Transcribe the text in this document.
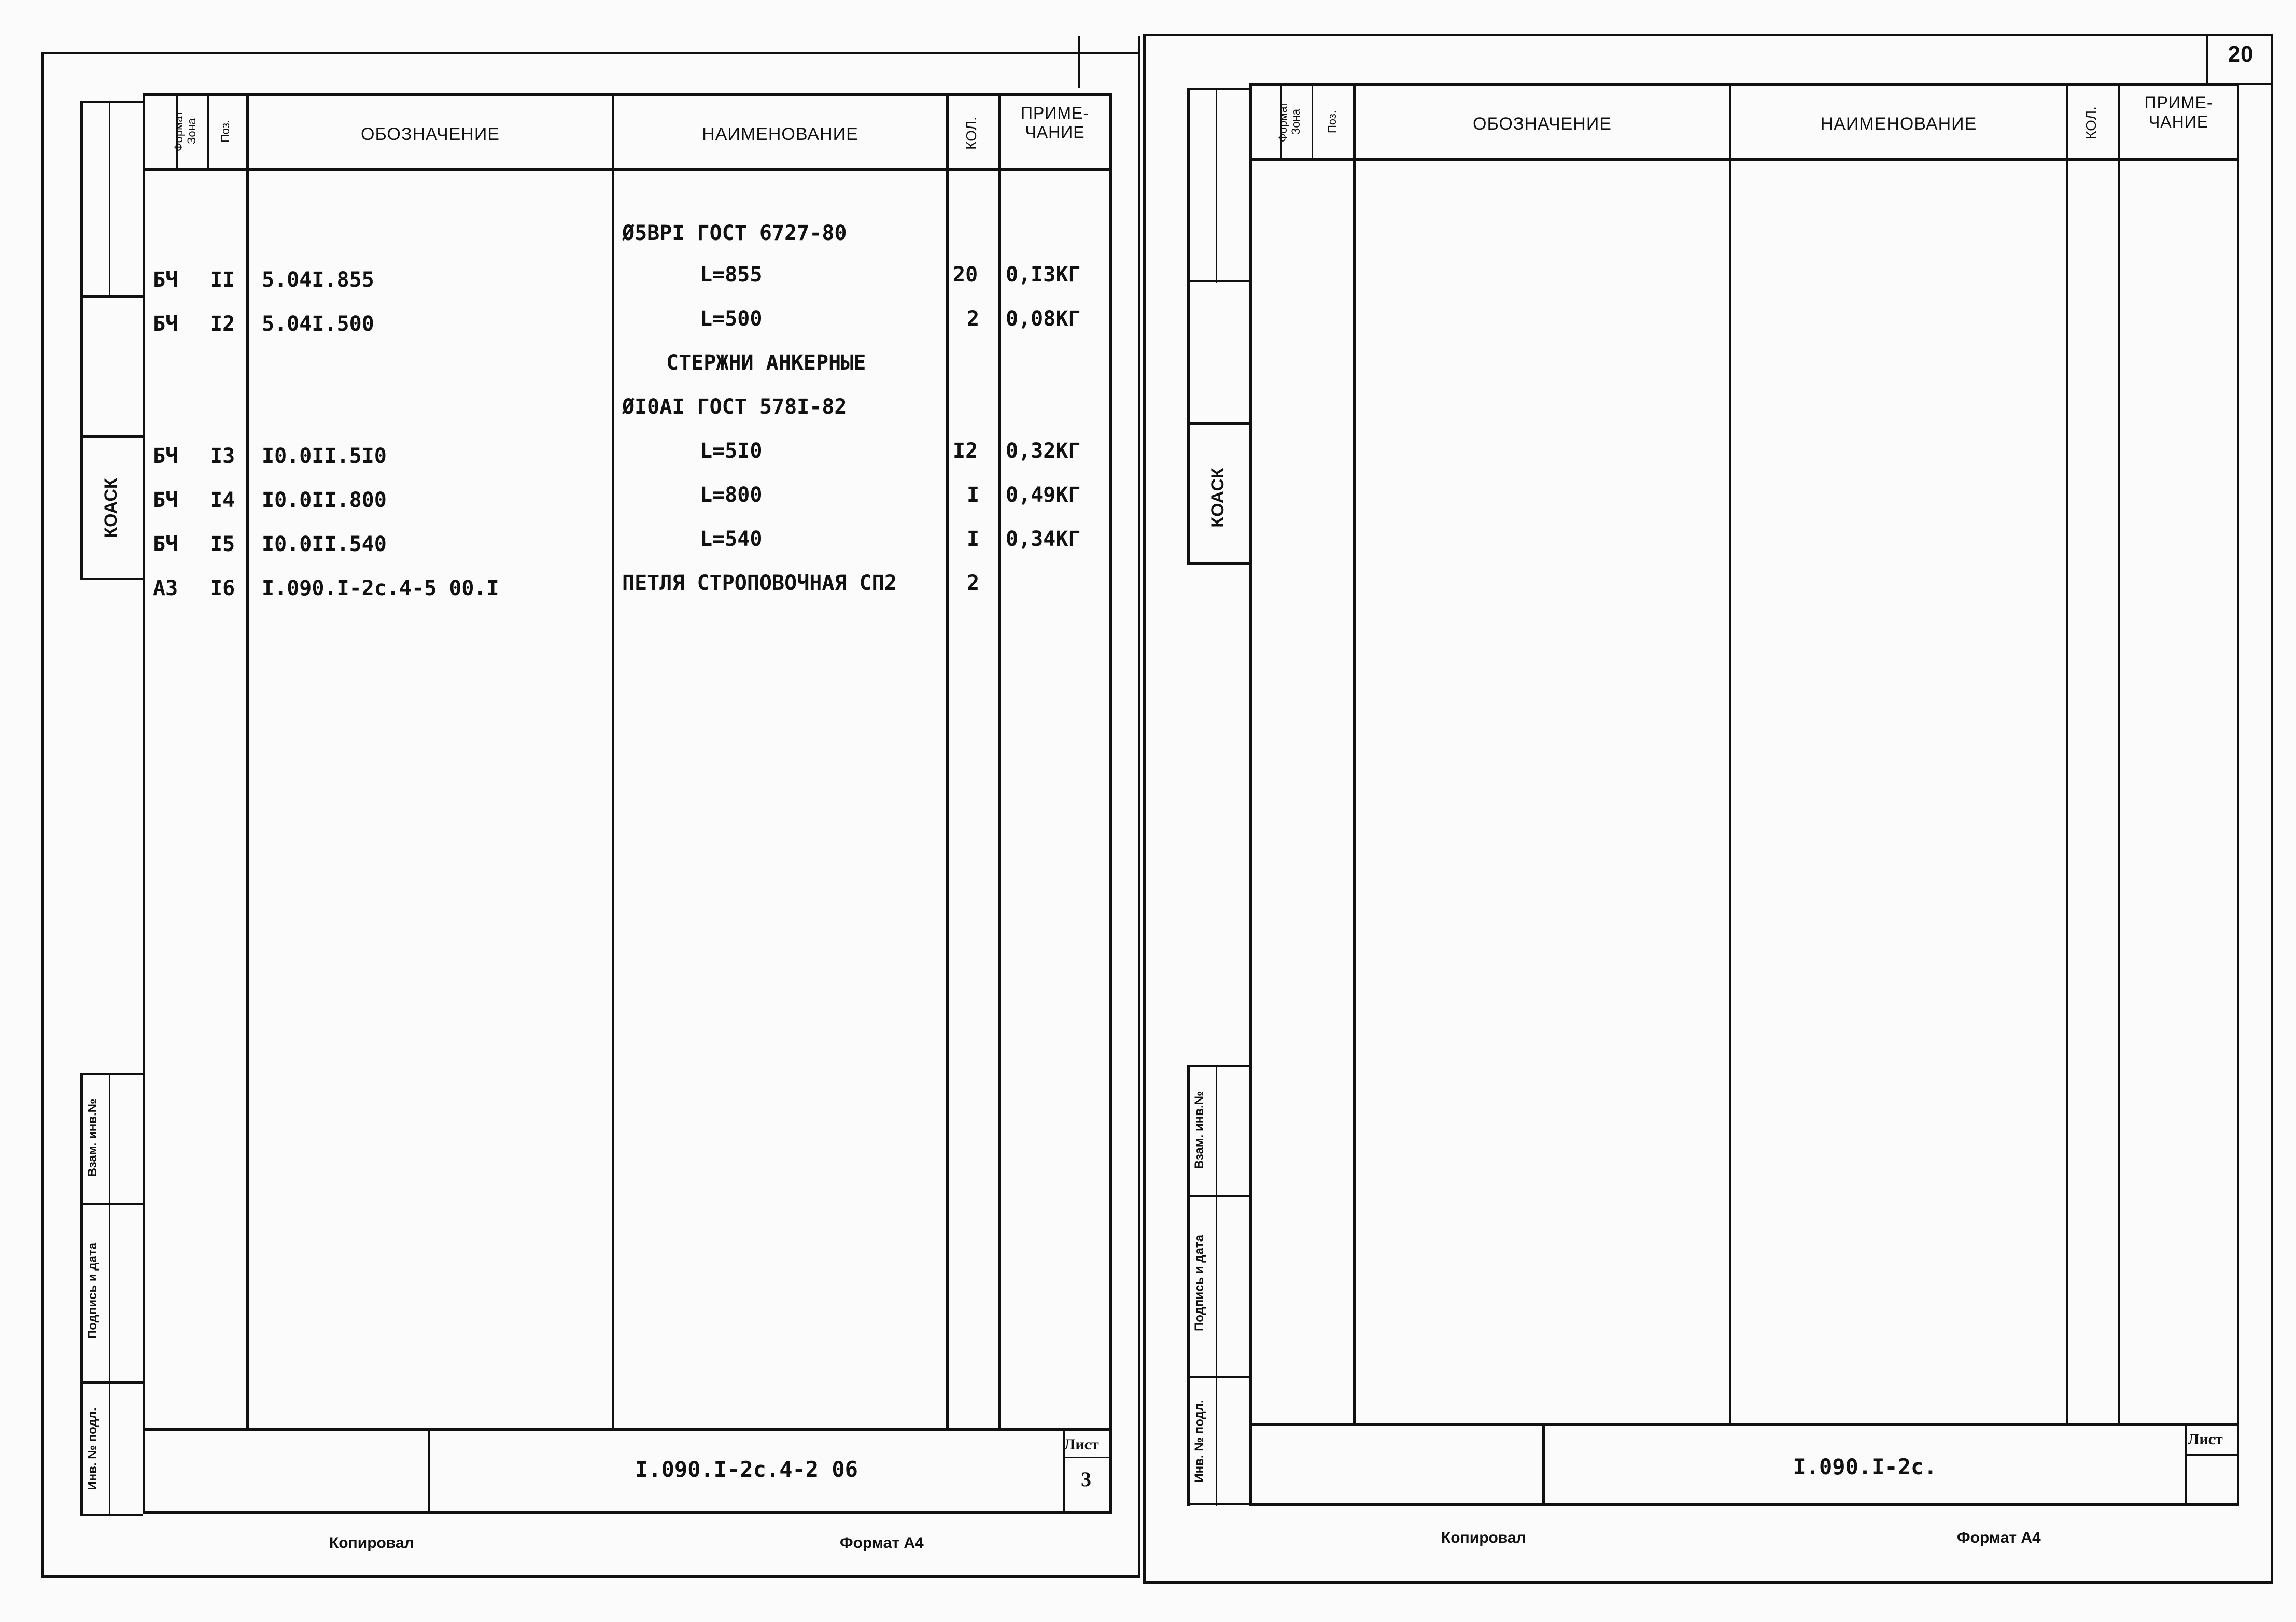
КОАСК
Взам. инв.№
Подпись и дата
Инв. № подл.
Формат Зона Поз.	ОБОЗНАЧЕНИЕ	НАИМЕНОВАНИЕ	КОЛ.
ПРИМЕ-
ЧАНИЕ
Ø5ВРI ГОСТ 6727-80
БЧ II 5.04I.855	L=855	20 0,I3КГ
БЧ I2 5.04I.500	L=500	2 0,08КГ
СТЕРЖНИ АНКЕРНЫЕ
ØI0AI ГОСТ 578I-82
БЧ I3 I0.0II.5I0	L=5I0	I2 0,32КГ
БЧ I4 I0.0II.800	L=800	I 0,49КГ
БЧ I5 I0.0II.540	L=540	I 0,34КГ
А3 I6 I.090.I-2с.4-5 00.I	ПЕТЛЯ СТРОПОВОЧНАЯ СП2	2
I.090.I-2с.4-2 06
Лист
3
Копировал	Формат А4
20
КОАСК
Взам. инв.№
Подпись и дата
Инв. № подл.
Формат Зона Поз.	ОБОЗНАЧЕНИЕ	НАИМЕНОВАНИЕ	КОЛ.
ПРИМЕ-
ЧАНИЕ
I.090.I-2с.
Лист
Копировал	Формат А4
